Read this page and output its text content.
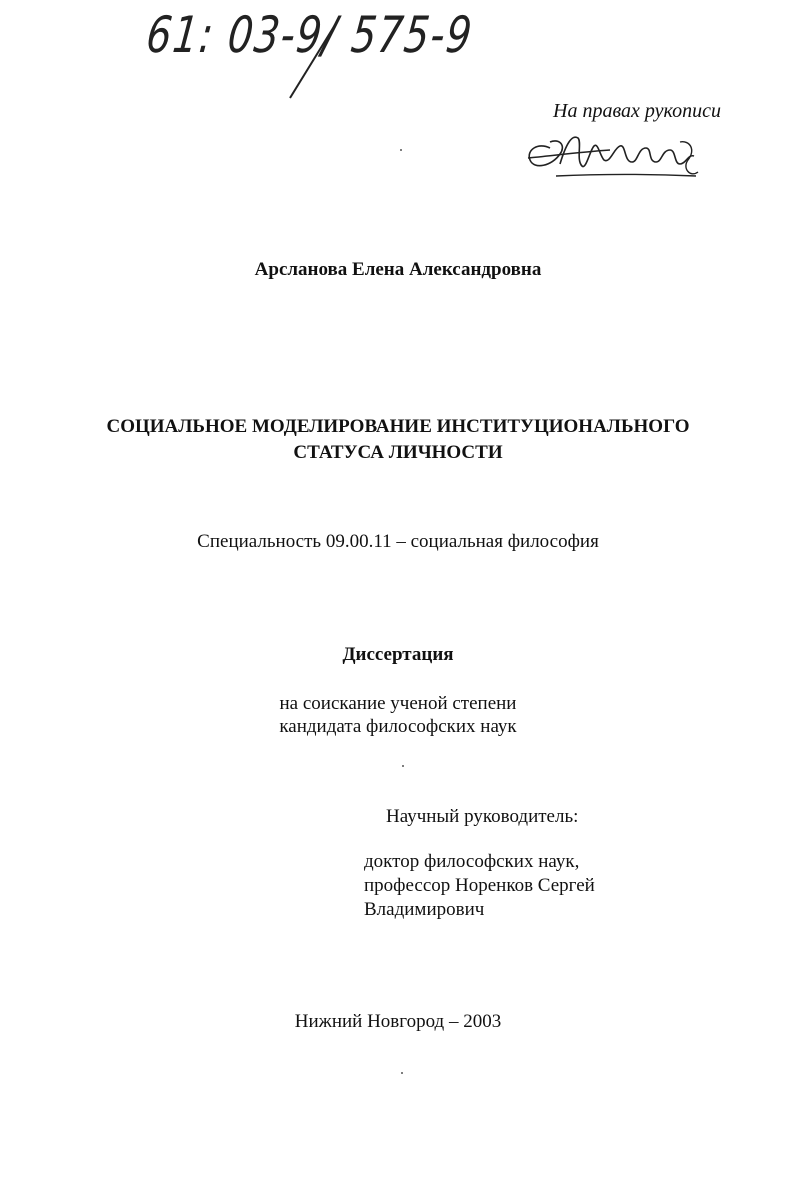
61: 03-9/ 575-9

На правах рукописи

Арсланова Елена Александровна

СОЦИАЛЬНОЕ МОДЕЛИРОВАНИЕ ИНСТИТУЦИОНАЛЬНОГО
СТАТУСА ЛИЧНОСТИ

Специальность 09.00.11 – социальная философия

Диссертация

на соискание ученой степени
кандидата философских наук

Научный руководитель:

доктор философских наук,
профессор Норенков Сергей
Владимирович

Нижний Новгород – 2003
